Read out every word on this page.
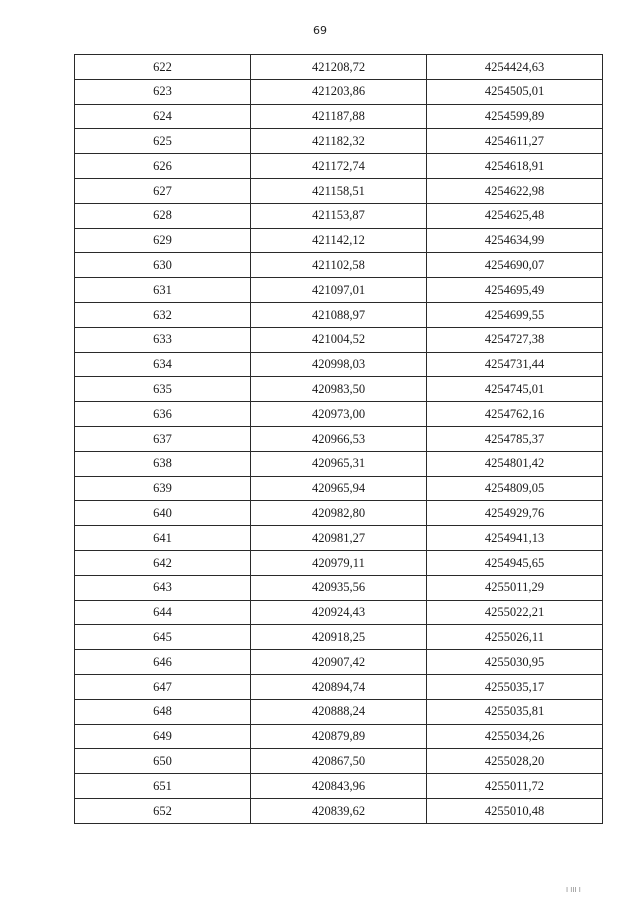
69
622	421208,72	4254424,63
623	421203,86	4254505,01
624	421187,88	4254599,89
625	421182,32	4254611,27
626	421172,74	4254618,91
627	421158,51	4254622,98
628	421153,87	4254625,48
629	421142,12	4254634,99
630	421102,58	4254690,07
631	421097,01	4254695,49
632	421088,97	4254699,55
633	421004,52	4254727,38
634	420998,03	4254731,44
635	420983,50	4254745,01
636	420973,00	4254762,16
637	420966,53	4254785,37
638	420965,31	4254801,42
639	420965,94	4254809,05
640	420982,80	4254929,76
641	420981,27	4254941,13
642	420979,11	4254945,65
643	420935,56	4255011,29
644	420924,43	4255022,21
645	420918,25	4255026,11
646	420907,42	4255030,95
647	420894,74	4255035,17
648	420888,24	4255035,81
649	420879,89	4255034,26
650	420867,50	4255028,20
651	420843,96	4255011,72
652	420839,62	4255010,48
I III I
